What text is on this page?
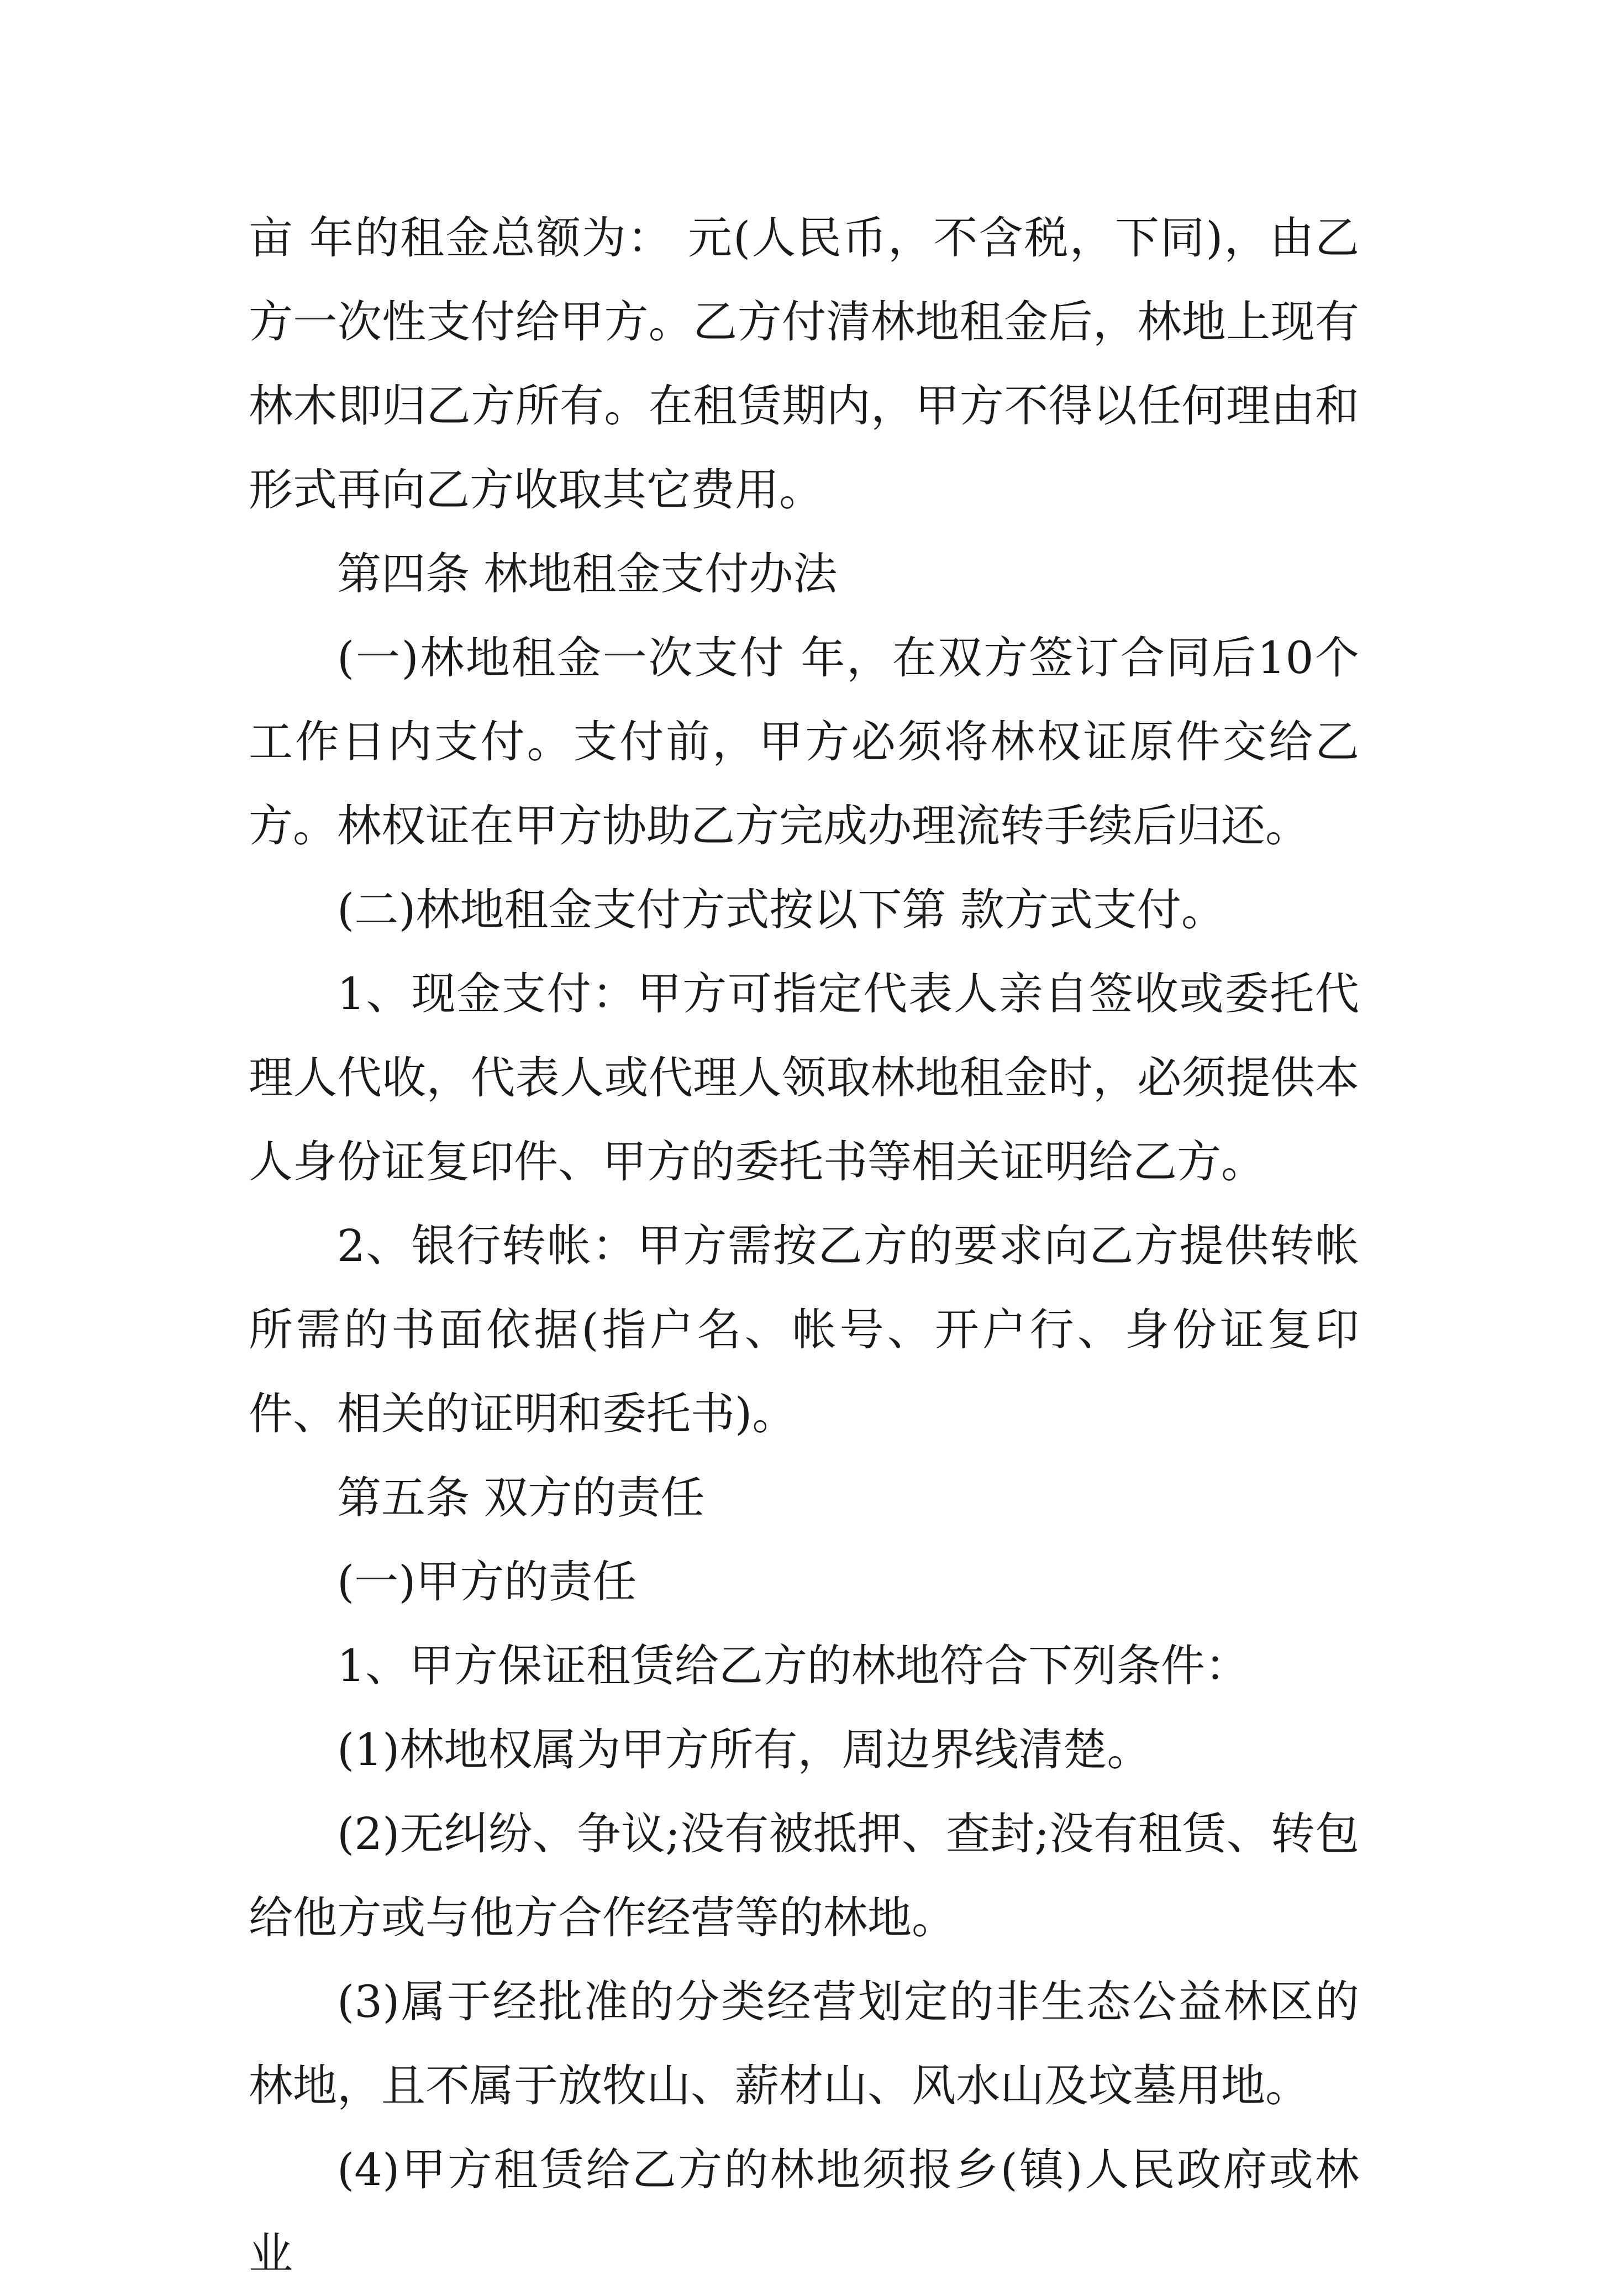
亩 年的租金总额为： 元(人民币，不含税，下同)，由乙方一次性支付给甲方。乙方付清林地租金后，林地上现有林木即归乙方所有。在租赁期内，甲方不得以任何理由和形式再向乙方收取其它费用。

第四条 林地租金支付办法

(一)林地租金一次支付 年，在双方签订合同后10个工作日内支付。支付前，甲方必须将林权证原件交给乙方。林权证在甲方协助乙方完成办理流转手续后归还。

(二)林地租金支付方式按以下第 款方式支付。

1、现金支付：甲方可指定代表人亲自签收或委托代理人代收，代表人或代理人领取林地租金时，必须提供本人身份证复印件、甲方的委托书等相关证明给乙方。

2、银行转帐：甲方需按乙方的要求向乙方提供转帐所需的书面依据(指户名、帐号、开户行、身份证复印件、相关的证明和委托书)。

第五条 双方的责任

(一)甲方的责任

1、甲方保证租赁给乙方的林地符合下列条件：

(1)林地权属为甲方所有，周边界线清楚。

(2)无纠纷、争议;没有被抵押、查封;没有租赁、转包给他方或与他方合作经营等的林地。

(3)属于经批准的分类经营划定的非生态公益林区的林地，且不属于放牧山、薪材山、风水山及坟墓用地。

(4)甲方租赁给乙方的林地须报乡(镇)人民政府或林业
